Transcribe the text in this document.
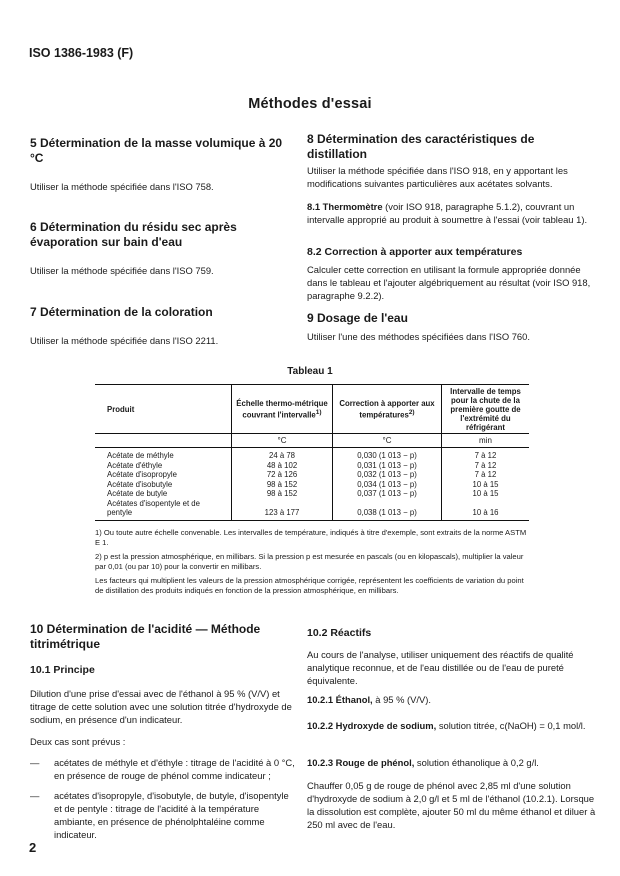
ISO 1386-1983 (F)
Méthodes d'essai
5 Détermination de la masse volumique à 20 °C
Utiliser la méthode spécifiée dans l'ISO 758.
6 Détermination du résidu sec après évaporation sur bain d'eau
Utiliser la méthode spécifiée dans l'ISO 759.
7 Détermination de la coloration
Utiliser la méthode spécifiée dans l'ISO 2211.
8 Détermination des caractéristiques de distillation
Utiliser la méthode spécifiée dans l'ISO 918, en y apportant les modifications suivantes particulières aux acétates solvants.
8.1 Thermomètre (voir ISO 918, paragraphe 5.1.2), couvrant un intervalle approprié au produit à soumettre à l'essai (voir tableau 1).
8.2 Correction à apporter aux températures
Calculer cette correction en utilisant la formule appropriée donnée dans le tableau et l'ajouter algébriquement au résultat (voir ISO 918, paragraphe 9.2.2).
9 Dosage de l'eau
Utiliser l'une des méthodes spécifiées dans l'ISO 760.
Tableau 1
Produit	Échelle thermo-métrique couvrant l'intervalle$^{1)}$	Correction à apporter aux températures$^{2)}$	Intervalle de temps pour la chute de la première goutte de l'extrémité du réfrigérant
	°C	°C	min
Acétate de méthyle	24 à 78	0,030 (1 013 − p)	7 à 12
Acétate d'éthyle	48 à 102	0,031 (1 013 − p)	7 à 12
Acétate d'isopropyle	72 à 126	0,032 (1 013 − p)	7 à 12
Acétate d'isobutyle	98 à 152	0,034 (1 013 − p)	10 à 15
Acétate de butyle	98 à 152	0,037 (1 013 − p)	10 à 15
Acétates d'isopentyle et de pentyle	123 à 177	0,038 (1 013 − p)	10 à 16
1) Ou toute autre échelle convenable. Les intervalles de température, indiqués à titre d'exemple, sont extraits de la norme ASTM E 1.
2) p est la pression atmosphérique, en millibars. Si la pression p est mesurée en pascals (ou en kilopascals), multiplier la valeur par 0,01 (ou par 10) pour la convertir en millibars.
Les facteurs qui multiplient les valeurs de la pression atmosphérique corrigée, représentent les coefficients de variation du point de distillation des produits indiqués en fonction de la pression atmosphérique, en millibars.
10 Détermination de l'acidité — Méthode titrimétrique
10.1 Principe
Dilution d'une prise d'essai avec de l'éthanol à 95 % (V/V) et titrage de cette solution avec une solution titrée d'hydroxyde de sodium, en présence d'un indicateur.
Deux cas sont prévus :
—	acétates de méthyle et d'éthyle : titrage de l'acidité à 0 °C, en présence de rouge de phénol comme indicateur ;
—	acétates d'isopropyle, d'isobutyle, de butyle, d'isopentyle et de pentyle : titrage de l'acidité à la température ambiante, en présence de phénolphtaléine comme indicateur.
10.2 Réactifs
Au cours de l'analyse, utiliser uniquement des réactifs de qualité analytique reconnue, et de l'eau distillée ou de l'eau de pureté équivalente.
10.2.1 Éthanol, à 95 % (V/V).
10.2.2 Hydroxyde de sodium, solution titrée, c(NaOH) = 0,1 mol/l.
10.2.3 Rouge de phénol, solution éthanolique à 0,2 g/l.
Chauffer 0,05 g de rouge de phénol avec 2,85 ml d'une solution d'hydroxyde de sodium à 2,0 g/l et 5 ml de l'éthanol (10.2.1). Lorsque la dissolution est complète, ajouter 50 ml du même éthanol et diluer à 250 ml avec de l'eau.
2
